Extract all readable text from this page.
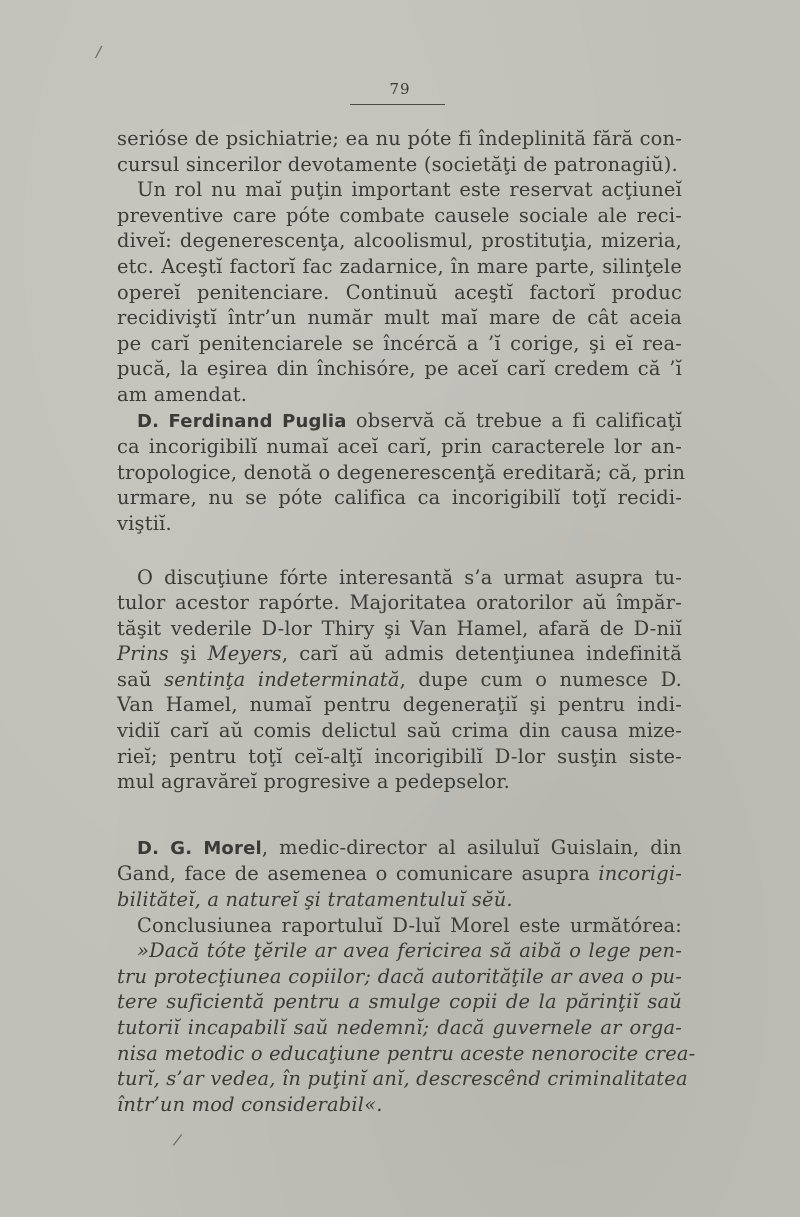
/
/
79
serióse de psichiatrie; ea nu póte fi îndeplinită fără con-
cursul sincerilor devotamente (societăţi de patronagiŭ).
Un rol nu maĭ puţin important este reservat acţiuneĭ
preventive care póte combate causele sociale ale reci-
diveĭ: degenerescenţa, alcoolismul, prostituţia, mizeria,
etc. Aceştĭ factorĭ fac zadarnice, în mare parte, silinţele
opereĭ penitenciare. Continuŭ aceştĭ factorĭ produc
recidiviştĭ într’un număr mult maĭ mare de cât aceia
pe carĭ penitenciarele se încércă a ’ĭ corige, şi eĭ rea-
pucă, la eşirea din închisóre, pe aceĭ carĭ credem că ’ĭ
am amendat.
D. Ferdinand Puglia observă că trebue a fi calificaţĭ
ca incorigibilĭ numaĭ aceĭ carĭ, prin caracterele lor an-
tropologice, denotă o degenerescenţă ereditară; că, prin
urmare, nu se póte califica ca incorigibilĭ toţĭ recidi-
viştiĭ.
O discuţiune fórte interesantă s’a urmat asupra tu-
tulor acestor rapórte. Majoritatea oratorilor aŭ împăr-
tăşit vederile D-lor Thiry şi Van Hamel, afară de D-niĭ
Prins şi Meyers, carĭ aŭ admis detenţiunea indefinită
saŭ sentinţa indeterminată, dupe cum o numesce D.
Van Hamel, numaĭ pentru degeneraţiĭ şi pentru indi-
vidiĭ carĭ aŭ comis delictul saŭ crima din causa mize-
rieĭ; pentru toţĭ ceĭ-alţĭ incorigibilĭ D-lor susţin siste-
mul agravăreĭ progresive a pedepselor.
D. G. Morel, medic-director al asiluluĭ Guislain, din
Gand, face de asemenea o comunicare asupra incorigi-
bilităteĭ, a natureĭ şi tratamentuluĭ sĕŭ.
Conclusiunea raportuluĭ D-luĭ Morel este următórea:
»Dacă tóte ţĕrile ar avea fericirea să aibă o lege pen-
tru protecţiunea copiilor; dacă autorităţile ar avea o pu-
tere suficientă pentru a smulge copii de la părinţiĭ saŭ
tutoriĭ incapabilĭ saŭ nedemnĭ; dacă guvernele ar orga-
nisa metodic o educaţiune pentru aceste nenorocite crea-
turĭ, s’ar vedea, în puţinĭ anĭ, descrescênd criminalitatea
într’un mod considerabil«.
